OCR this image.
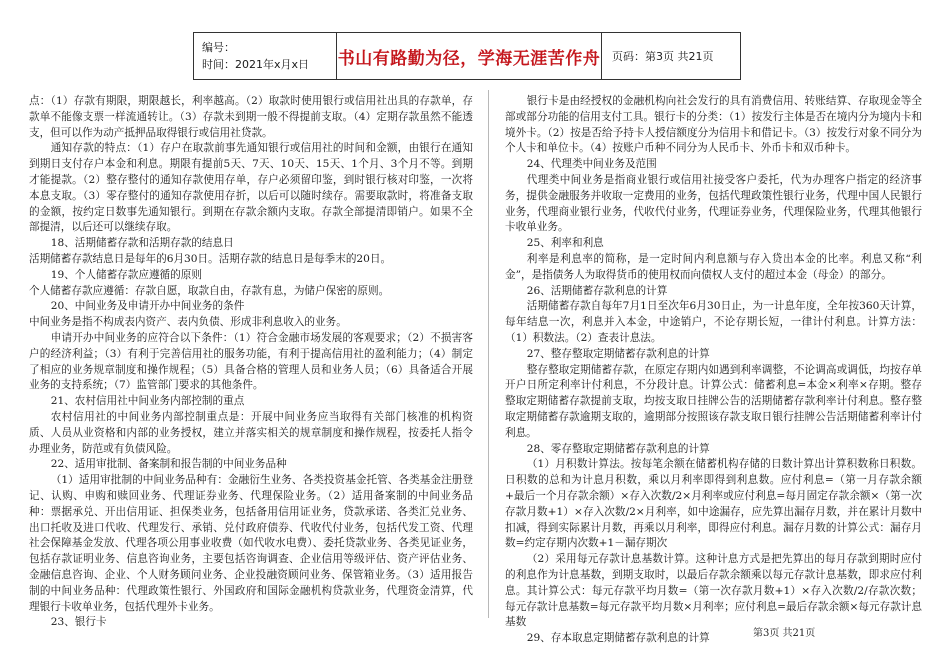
编号：
时间：2021年x月x日	书山有路勤为径，学海无涯苦作舟 页码：第3页 共21页

点：（1）存款有期限，期限越长，利率越高。（2）取款时使用银行或信用社出具的存款单，存款单不能像支票一样流通转让。（3）存款未到期一般不得提前支取。（4）定期存款虽然不能透支，但可以作为动产抵押品取得银行或信用社贷款。

通知存款的特点：（1）存户在取款前事先通知银行或信用社的时间和金额，由银行在通知到期日支付存户本金和利息。期限有提前5天、7天、10天、15天、1个月、3个月不等。到期才能提款。（2）整存整付的通知存款使用存单，存户必须留印鉴，到时银行核对印鉴，一次将本息支取。（3）零存整付的通知存款使用存折，以后可以随时续存。需要取款时，将准备支取的金额，按约定日数事先通知银行。到期在存款余额内支取。存款全部提清即销户。如果不全部提清，以后还可以继续存取。

18、活期储蓄存款和活期存款的结息日

活期储蓄存款结息日是每年的6月30日。活期存款的结息日是每季末的20日。

19、个人储蓄存款应遵循的原则

个人储蓄存款应遵循：存款自愿，取款自由，存款有息，为储户保密的原则。

20、中间业务及申请开办中间业务的条件

中间业务是指不构成表内资产、表内负债、形成非利息收入的业务。

申请开办中间业务的应符合以下条件：（1）符合金融市场发展的客观要求；（2）不损害客户的经济利益；（3）有利于完善信用社的服务功能，有利于提高信用社的盈利能力；（4）制定了相应的业务规章制度和操作规程；（5）具备合格的管理人员和业务人员；（6）具备适合开展业务的支持系统；（7）监管部门要求的其他条件。

21、农村信用社中间业务内部控制的重点

农村信用社的中间业务内部控制重点是：开展中间业务应当取得有关部门核准的机构资质、人员从业资格和内部的业务授权，建立并落实相关的规章制度和操作规程，按委托人指令办理业务，防范或有负债风险。

22、适用审批制、备案制和报告制的中间业务品种

（1）适用审批制的中间业务品种有：金融衍生业务、各类投资基金托管、各类基金注册登记、认购、申购和赎回业务、代理证券业务、代理保险业务。（2）适用备案制的中间业务品种：票据承兑、开出信用证、担保类业务，包括备用信用证业务，贷款承诺、各类汇兑业务、出口托收及进口代收、代理发行、承销、兑付政府债券、代收代付业务，包括代发工资、代理社会保障基金发放、代理各项公用事业收费（如代收水电费）、委托贷款业务、各类见证业务，包括存款证明业务、信息咨询业务，主要包括咨询调查、企业信用等级评估、资产评估业务、金融信息咨询、企业、个人财务顾问业务、企业投融资顾问业务、保管箱业务。（3）适用报告制的中间业务品种：代理政策性银行、外国政府和国际金融机构贷款业务，代理资金清算，代理银行卡收单业务，包括代理外卡业务。

23、银行卡

银行卡是由经授权的金融机构向社会发行的具有消费信用、转账结算、存取现金等全部或部分功能的信用支付工具。银行卡的分类：（1）按发行主体是否在境内分为境内卡和境外卡。（2）按是否给予持卡人授信额度分为信用卡和借记卡。（3）按发行对象不同分为个人卡和单位卡。（4）按账户币种不同分为人民币卡、外币卡和双币种卡。

24、代理类中间业务及范围

代理类中间业务是指商业银行或信用社接受客户委托，代为办理客户指定的经济事务，提供金融服务并收取一定费用的业务，包括代理政策性银行业务，代理中国人民银行业务，代理商业银行业务，代收代付业务，代理证券业务，代理保险业务，代理其他银行卡收单业务。

25、利率和利息

利率是利息率的简称，是一定时间内利息额与存入贷出本金的比率。利息又称“利金”，是指债务人为取得货币的使用权而向债权人支付的超过本金（母金）的部分。

26、活期储蓄存款利息的计算

活期储蓄存款自每年7月1日至次年6月30日止，为一计息年度，全年按360天计算，每年结息一次，利息并入本金，中途销户，不论存期长短，一律计付利息。计算方法：（1）积数法。（2）查表计息法。

27、整存整取定期储蓄存款利息的计算

整存整取定期储蓄存款，在原定存期内如遇到利率调整，不论调高或调低，均按存单开户日所定利率计付利息，不分段计息。计算公式：储蓄利息=本金×利率×存期。整存整取定期储蓄存款提前支取，均按支取日挂牌公告的活期储蓄存款利率计付利息。整存整取定期储蓄存款逾期支取的，逾期部分按照该存款支取日银行挂牌公告活期储蓄利率计付利息。

28、零存整取定期储蓄存款利息的计算

（1）月积数计算法。按每笔余额在储蓄机构存储的日数计算出计算积数称日积数。日积数的总和为计息月积数，乘以月利率即得到利息数。应付利息=（第一月存款余额+最后一个月存款余额）×存入次数/2×月利率或应付利息=每月固定存款余额×（第一次存款月数+1）×存入次数/2×月利率，如中途漏存，应先算出漏存月数，并在累计月数中扣减，得到实际累计月数，再乘以月利率，即得应付利息。漏存月数的计算公式：漏存月数=约定存期内次数+1－漏存期次

（2）采用每元存款计息基数计算。这种计息方式是把先算出的每月存款到期时应付的利息作为计息基数，到期支取时，以最后存款余额乘以每元存款计息基数，即求应付利息。其计算公式：每元存款平均月数=（第一次存款月数+1）×存入次数/2/存款次数；每元存款计息基数=每元存款平均月数×月利率；应付利息=最后存款余额×每元存款计息基数

29、存本取息定期储蓄存款利息的计算	第3页 共21页
